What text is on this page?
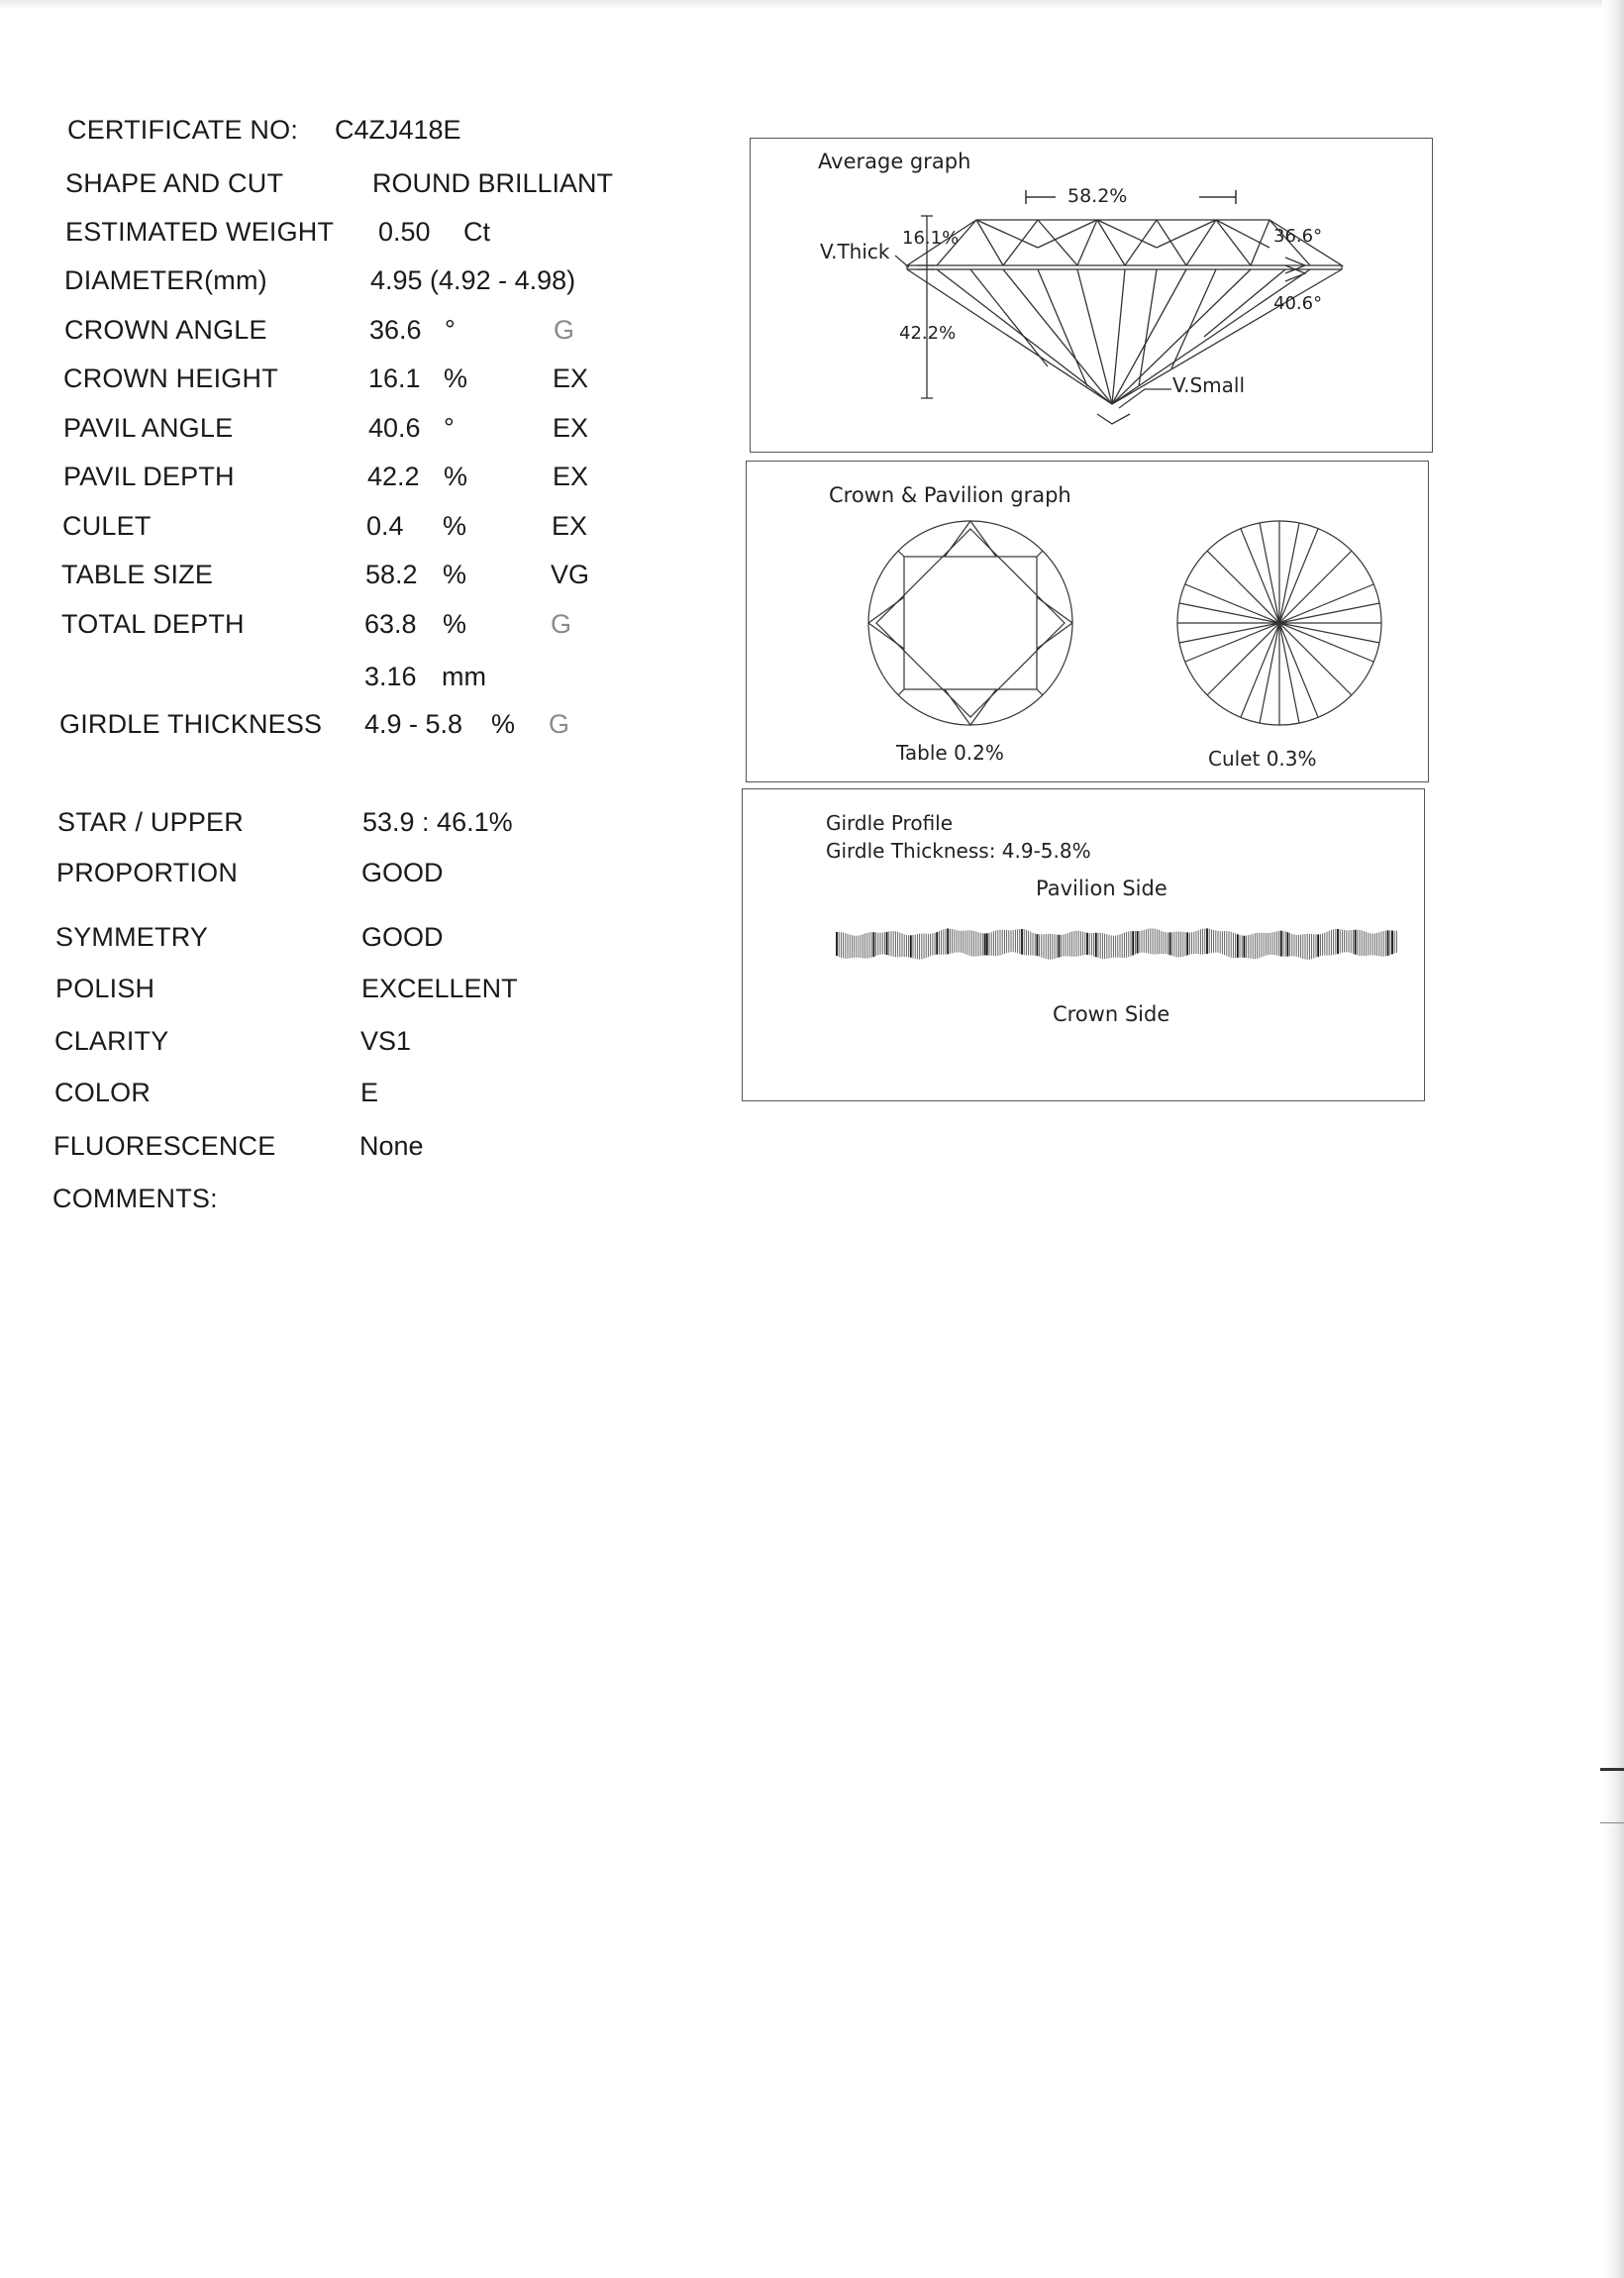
CERTIFICATE NO: C4ZJ418E
SHAPE AND CUT	ROUND BRILLIANT
ESTIMATED WEIGHT 0.50 Ct
DIAMETER(mm)	4.95 (4.92 - 4.98)
CROWN ANGLE	36.6 °	G
CROWN HEIGHT	16.1 %	EX
PAVIL ANGLE	40.6 °	EX
PAVIL DEPTH	42.2 %	EX
CULET	0.4 %	EX
TABLE SIZE	58.2 %	VG
TOTAL DEPTH	63.8 %	G
3.16 mm
GIRDLE THICKNESS 4.9 - 5.8 % G
STAR / UPPER	53.9 : 46.1%
PROPORTION	GOOD
SYMMETRY	GOOD
POLISH	EXCELLENT
CLARITY	VS1
COLOR	E
FLUORESCENCE	None
COMMENTS:
Average graph
58.2%
V.Thick
16.1%	36.6°
40.6°
42.2%
V.Small
Crown & Pavilion graph
Table 0.2%	Culet 0.3%
Girdle Profile
Girdle Thickness: 4.9-5.8%
Pavilion Side
Crown Side
